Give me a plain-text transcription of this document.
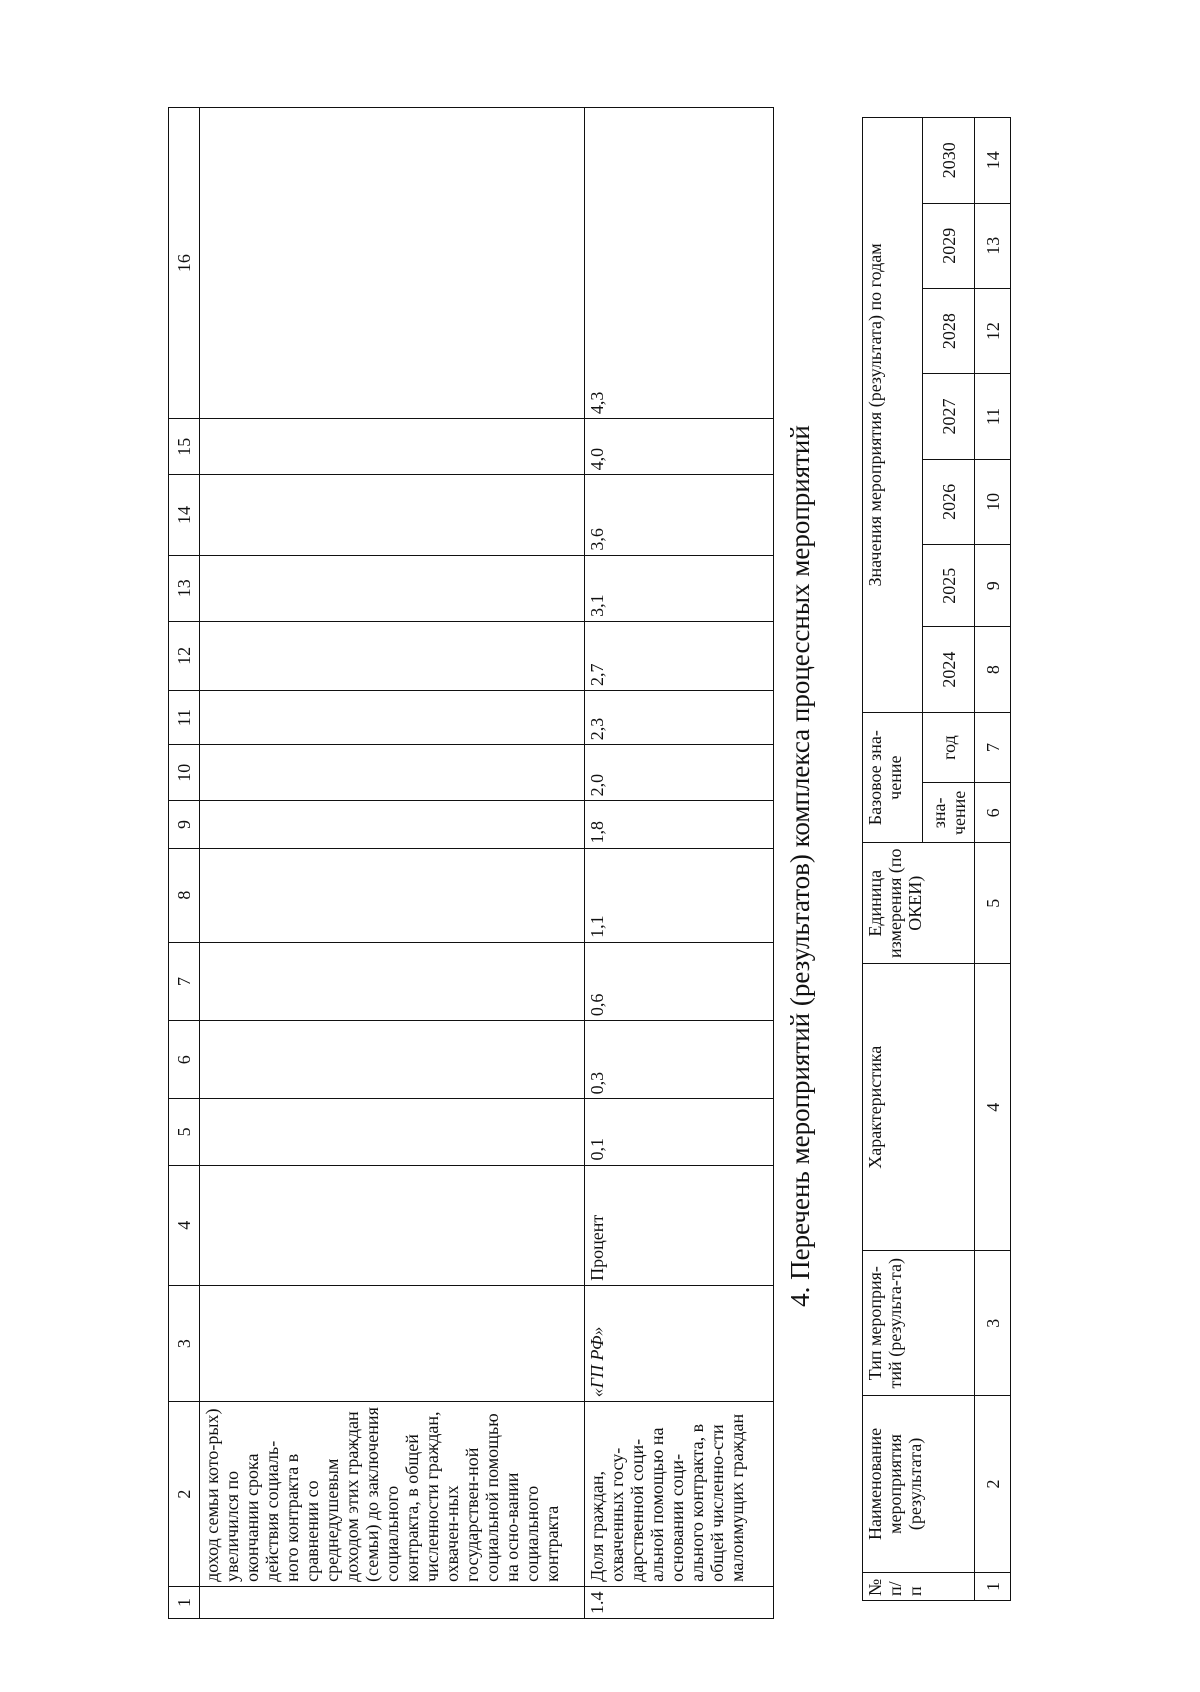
1	2	3	4	5	6	7	8	9	10	11	12	13	14	15	16
	доход семьи кото-рых) увеличился по окончании срока действия социаль-ного контракта в сравнении со среднедушевым доходом этих граждан (семьи) до заключения социального контракта, в общей численности граждан, охвачен-ных государствен-ной социальной помощью на осно-вании социального контракта														
1.4	Доля граждан, охваченных госу-дарственной соци-альной помощью на основании соци-ального контракта, в общей численно-сти малоимущих граждан	«ГП РФ»	Процент	0,1	0,3	0,6	1,1	1,8	2,0	2,3	2,7	3,1	3,6	4,0	4,3
4. Перечень мероприятий (результатов) комплекса процессных мероприятий
№ п/п	Наименование мероприятия (результата)	Тип мероприя-тий (результа-та)	Характеристика	Единица измерения (по ОКЕИ)	Базовое зна-чение		Значения мероприятия (результата) по годам						
					зна-чение	год	2024	2025	2026	2027	2028	2029	2030
1	2	3	4	5	6	7	8	9	10	11	12	13	14
